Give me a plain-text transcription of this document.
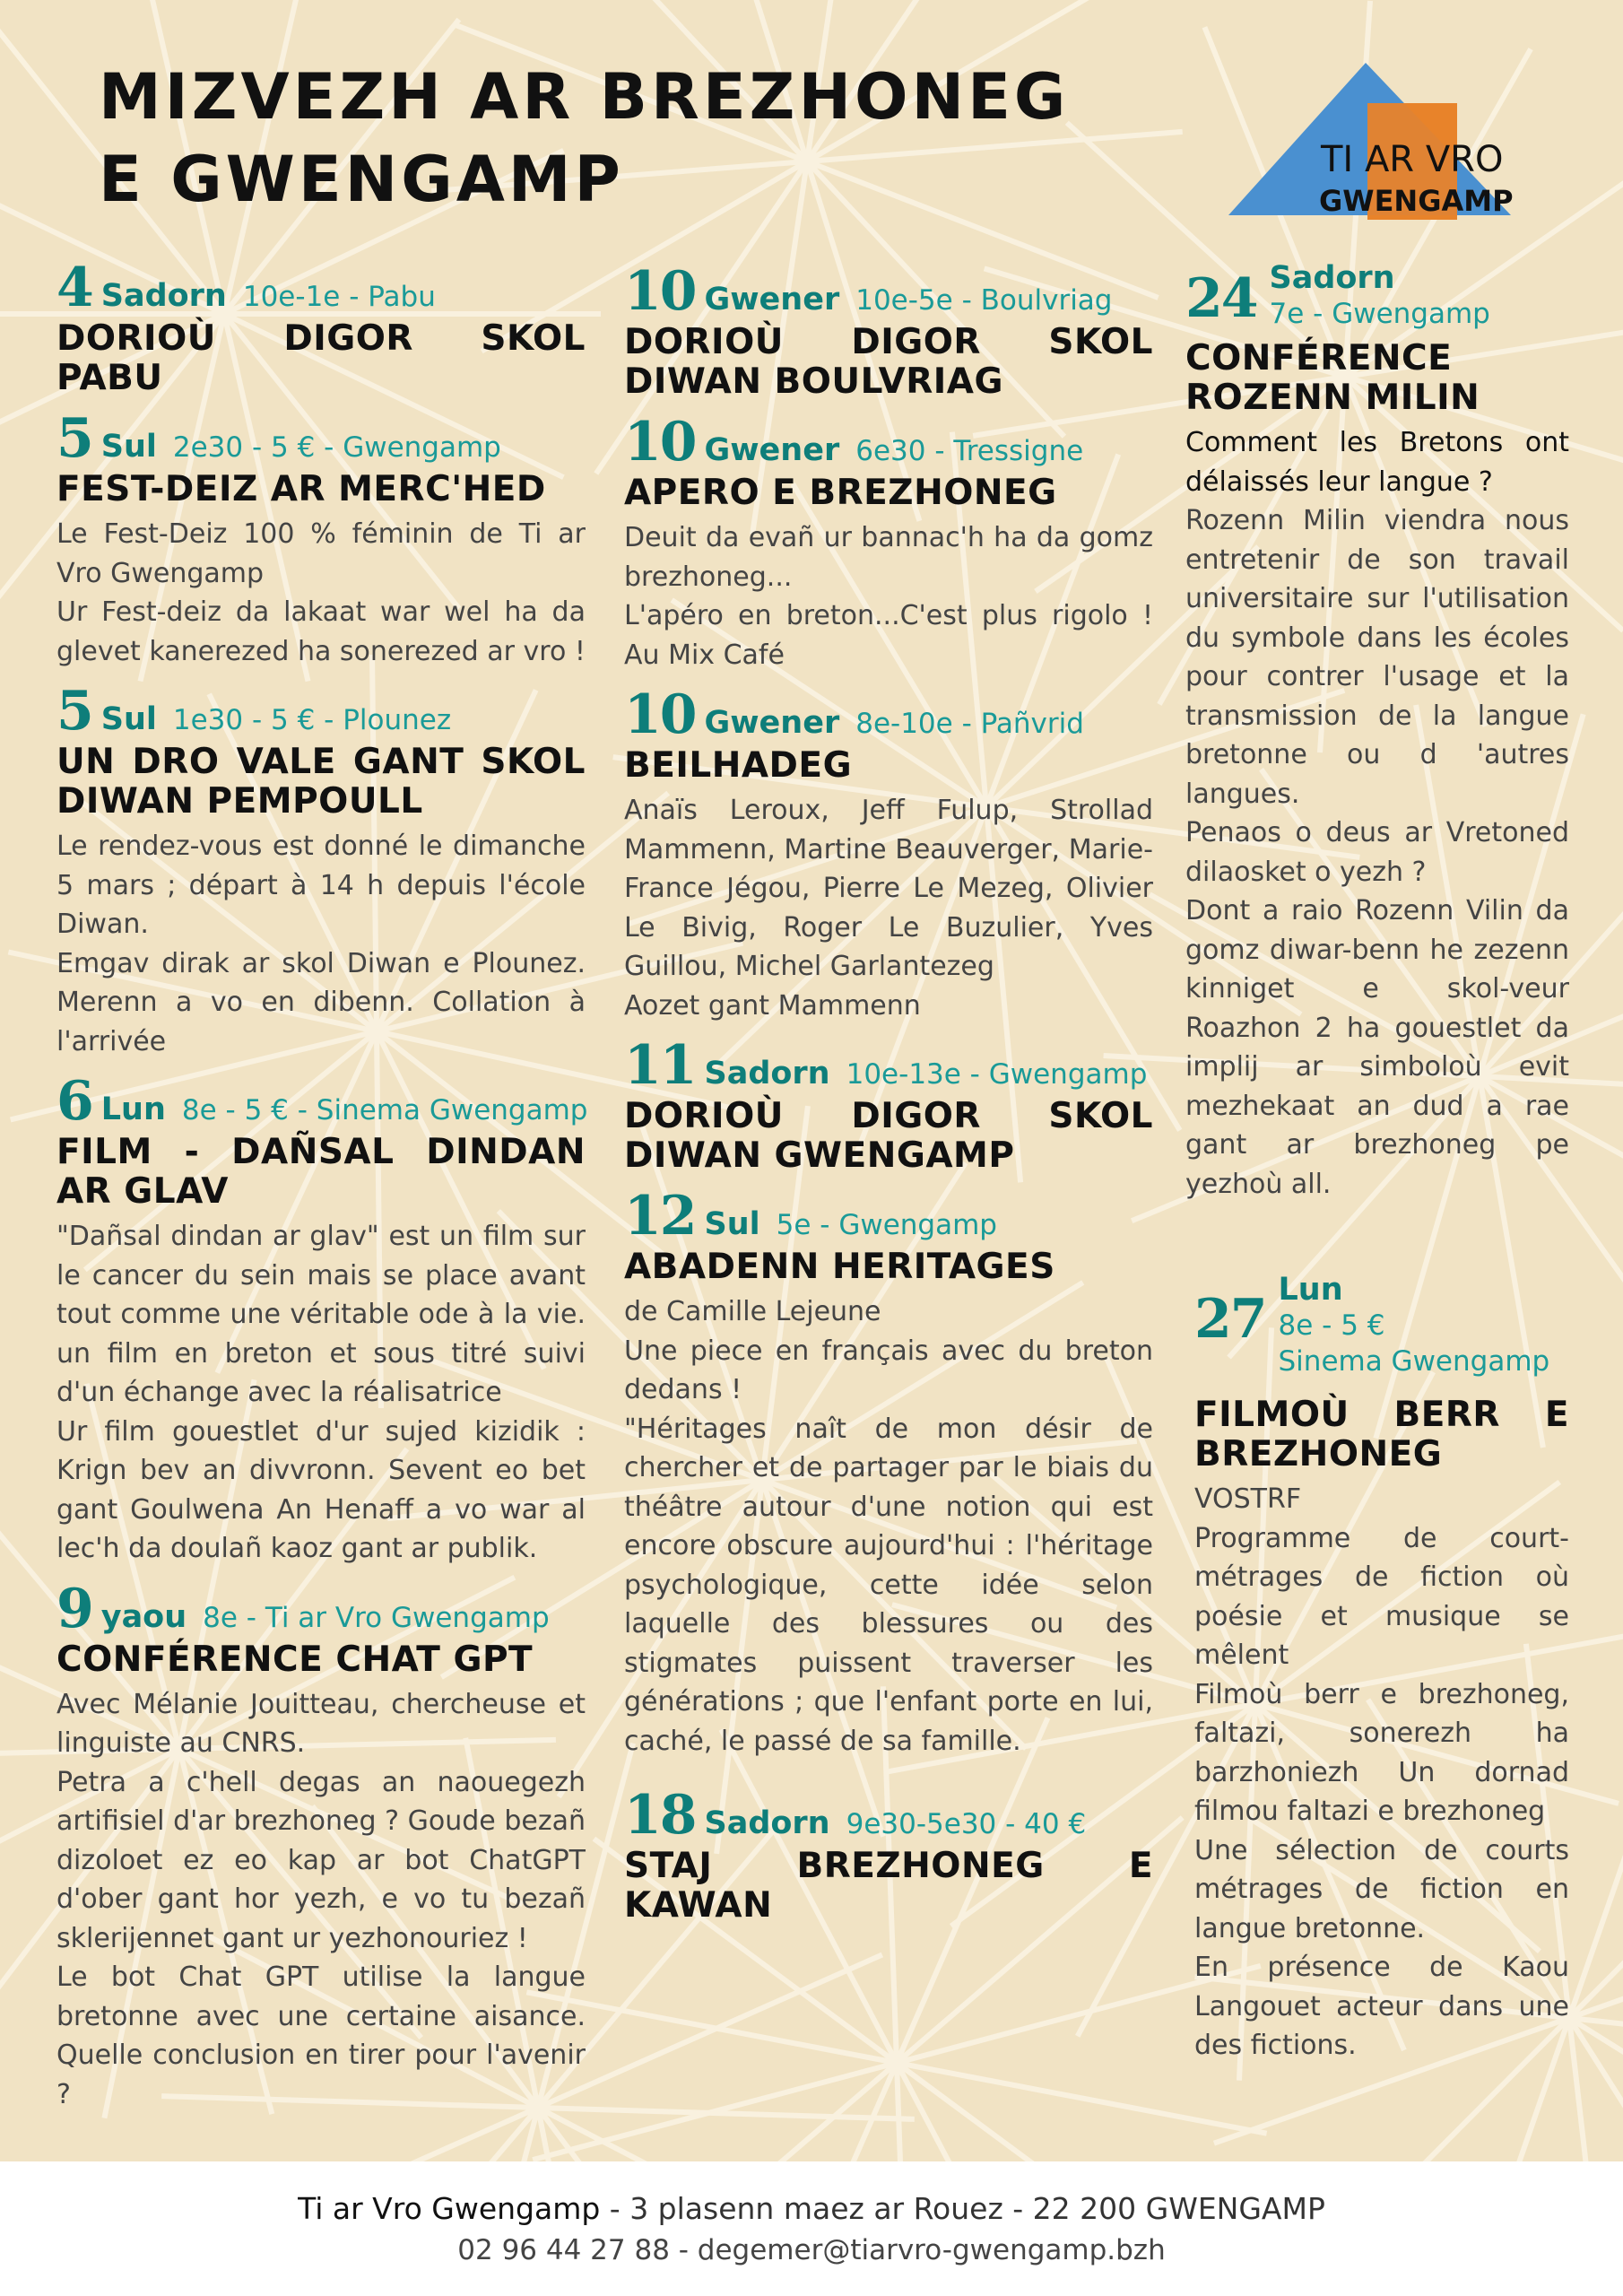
MIZVEZH AR BREZHONEG
E GWENGAMP	TI AR VRO
GWENGAMP
4 Sadorn 10e-1e - Pabu
DORIOÙ DIGOR SKOL PABU
5 Sul 2e30 - 5 € - Gwengamp
FEST-DEIZ AR MERC'HED

Le Fest-Deiz 100 % féminin de Ti ar Vro Gwengamp

Ur Fest-deiz da lakaat war wel ha da glevet kanerezed ha sonerezed ar vro !

5 Sul 1e30 - 5 € - Plounez
UN DRO VALE GANT SKOL DIWAN PEMPOULL

Le rendez-vous est donné le dimanche 5 mars ; départ à 14 h depuis l'école Diwan.

Emgav dirak ar skol Diwan e Plounez. Merenn a vo en dibenn. Collation à l'arrivée

6 Lun 8e - 5 € - Sinema Gwengamp
FILM - DAÑSAL DINDAN AR GLAV

"Dañsal dindan ar glav" est un film sur le cancer du sein mais se place avant tout comme une véritable ode à la vie. un film en breton et sous titré suivi d'un échange avec la réalisatrice

Ur film gouestlet d'ur sujed kizidik : Krign bev an divvronn. Sevent eo bet gant Goulwena An Henaff a vo war al lec'h da doulañ kaoz gant ar publik.

9 yaou 8e - Ti ar Vro Gwengamp
CONFÉRENCE CHAT GPT

Avec Mélanie Jouitteau, chercheuse et linguiste au CNRS.

Petra a c'hell degas an naouegezh artifisiel d'ar brezhoneg ? Goude bezañ dizoloet ez eo kap ar bot ChatGPT d'ober gant hor yezh, e vo tu bezañ sklerijennet gant ur yezhonouriez !

Le bot Chat GPT utilise la langue bretonne avec une certaine aisance. Quelle conclusion en tirer pour l'avenir ?

10 Gwener 10e-5e - Boulvriag
DORIOÙ DIGOR SKOL DIWAN BOULVRIAG
10 Gwener 6e30 - Tressigne
APERO E BREZHONEG

Deuit da evañ ur bannac'h ha da gomz brezhoneg...

L'apéro en breton...C'est plus rigolo ! Au Mix Café

10 Gwener 8e-10e - Pañvrid
BEILHADEG

Anaïs Leroux, Jeff Fulup, Strollad Mammenn, Martine Beauverger, Marie-France Jégou, Pierre Le Mezeg, Olivier Le Bivig, Roger Le Buzulier, Yves Guillou, Michel Garlantezeg

Aozet gant Mammenn

11 Sadorn 10e-13e - Gwengamp
DORIOÙ DIGOR SKOL DIWAN GWENGAMP
12 Sul 5e - Gwengamp
ABADENN HERITAGES

de Camille Lejeune

Une piece en français avec du breton dedans !

"Héritages naît de mon désir de chercher et de partager par le biais du théâtre autour d'une notion qui est encore obscure aujourd'hui : l'héritage psychologique, cette idée selon laquelle des blessures ou des stigmates puissent traverser les générations ; que l'enfant porte en lui, caché, le passé de sa famille.

18 Sadorn 9e30-5e30 - 40 €
STAJ BREZHONEG E KAWAN
24 Sadorn
7e - Gwengamp
CONFÉRENCE ROZENN MILIN

Comment les Bretons ont délaissés leur langue ?

Rozenn Milin viendra nous entretenir de son travail universitaire sur l'utilisation du symbole dans les écoles pour contrer l'usage et la transmission de la langue bretonne ou d 'autres langues.

Penaos o deus ar Vretoned dilaosket o yezh ?

Dont a raio Rozenn Vilin da gomz diwar-benn he zezenn kinniget e skol-veur Roazhon 2 ha gouestlet da implij ar simboloù evit mezhekaat an dud a rae gant ar brezhoneg pe yezhoù all.

27 Lun
8e - 5 €
Sinema Gwengamp
FILMOÙ BERR E BREZHONEG

VOSTRF

Programme de court-métrages de fiction où poésie et musique se mêlent

Filmoù berr e brezhoneg, faltazi, sonerezh ha barzhoniezh Un dornad filmou faltazi e brezhoneg

Une sélection de courts métrages de fiction en langue bretonne.

En présence de Kaou Langouet acteur dans une des fictions.

Ti ar Vro Gwengamp - 3 plasenn maez ar Rouez - 22 200 GWENGAMP
02 96 44 27 88 - degemer@tiarvro-gwengamp.bzh
